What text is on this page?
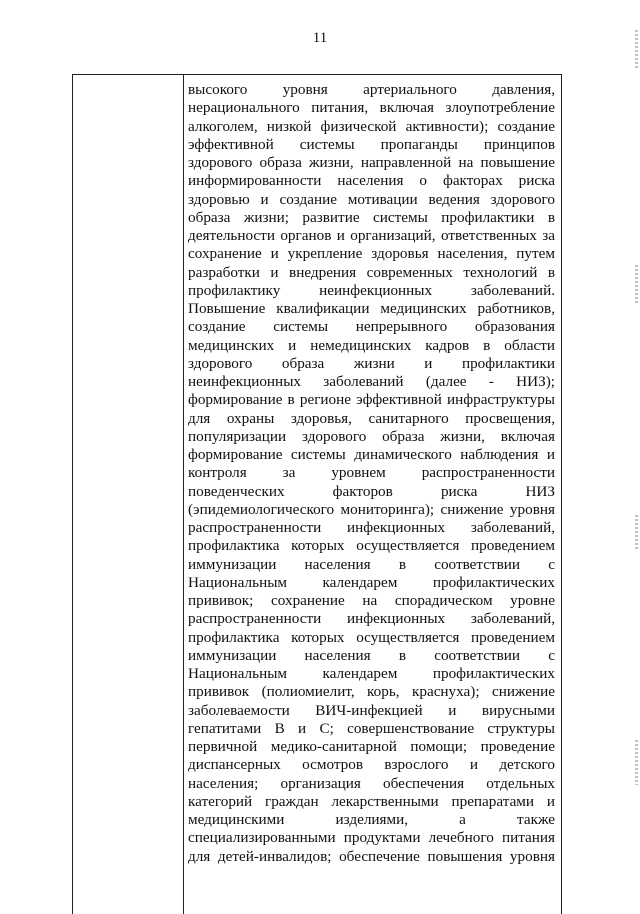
11
высокого уровня артериального давления,
нерационального питания, включая злоупотребление
алкоголем, низкой физической активности); создание
эффективной системы пропаганды принципов
здорового образа жизни, направленной на повышение
информированности населения о факторах риска
здоровью и создание мотивации ведения здорового
образа жизни; развитие системы профилактики в
деятельности органов и организаций, ответственных за
сохранение и укрепление здоровья населения, путем
разработки и внедрения современных технологий в
профилактику неинфекционных заболеваний.
Повышение квалификации медицинских работников,
создание системы непрерывного образования
медицинских и немедицинских кадров в области
здорового образа жизни и профилактики
неинфекционных заболеваний (далее - НИЗ);
формирование в регионе эффективной инфраструктуры
для охраны здоровья, санитарного просвещения,
популяризации здорового образа жизни, включая
формирование системы динамического наблюдения и
контроля за уровнем распространенности
поведенческих факторов риска НИЗ
(эпидемиологического мониторинга); снижение уровня
распространенности инфекционных заболеваний,
профилактика которых осуществляется проведением
иммунизации населения в соответствии с
Национальным календарем профилактических
прививок; сохранение на спорадическом уровне
распространенности инфекционных заболеваний,
профилактика которых осуществляется проведением
иммунизации населения в соответствии с
Национальным календарем профилактических
прививок (полиомиелит, корь, краснуха); снижение
заболеваемости ВИЧ-инфекцией и вирусными
гепатитами В и С; совершенствование структуры
первичной медико-санитарной помощи; проведение
диспансерных осмотров взрослого и детского
населения; организация обеспечения отдельных
категорий граждан лекарственными препаратами и
медицинскими изделиями, а также
специализированными продуктами лечебного питания
для детей-инвалидов; обеспечение повышения уровня
